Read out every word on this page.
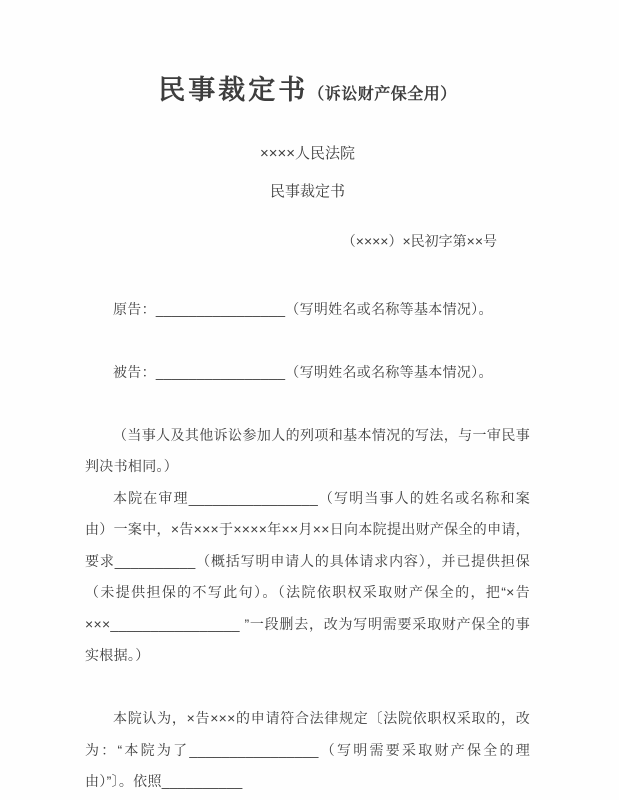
民事裁定书（诉讼财产保全用）

××××人民法院

民事裁定书

（××××）×民初字第××号

原告：________________（写明姓名或名称等基本情况）。

被告：________________（写明姓名或名称等基本情况）。

（当事人及其他诉讼参加人的列项和基本情况的写法，与一审民事判决书相同。）

本院在审理________________（写明当事人的姓名或名称和案由）一案中，×告×××于××××年××月××日向本院提出财产保全的申请，要求__________（概括写明申请人的具体请求内容），并已提供担保（未提供担保的不写此句）。（法院依职权采取财产保全的，把“×告×××________________ ”一段删去，改为写明需要采取财产保全的事实根据。）

本院认为，×告×××的申请符合法律规定〔法院依职权采取的，改为：“本院为了________________（写明需要采取财产保全的理由）”〕。依照__________
